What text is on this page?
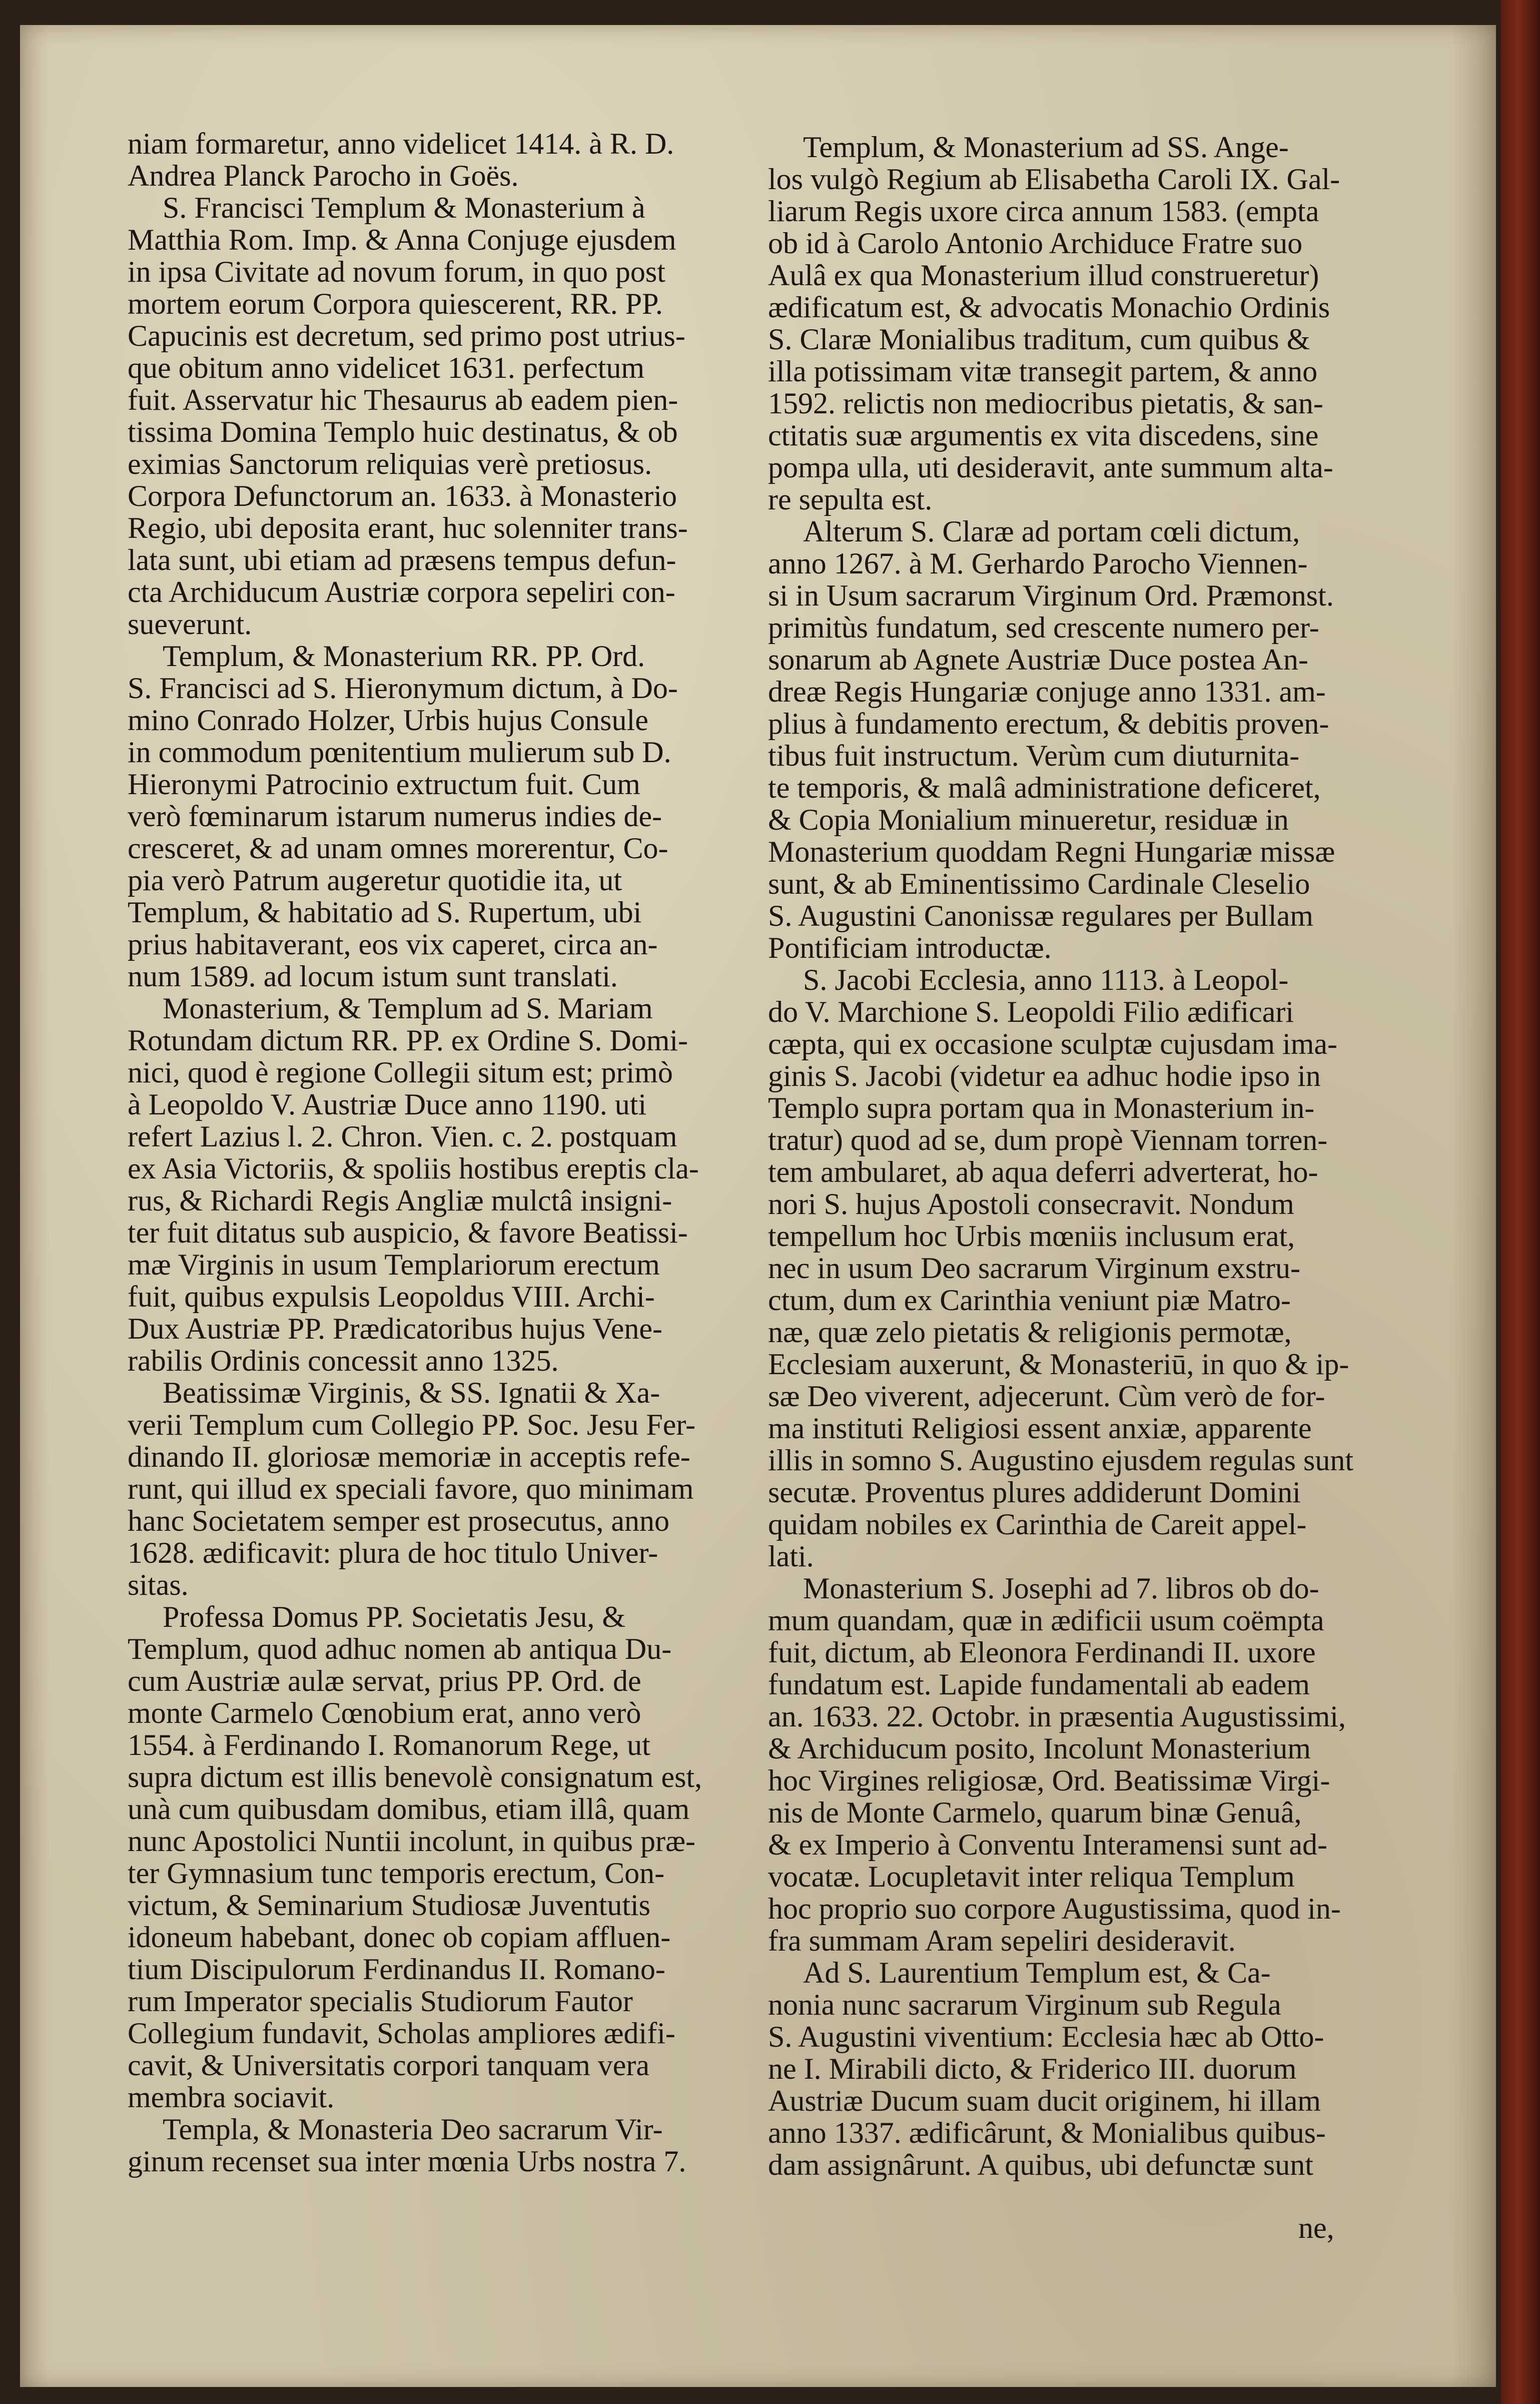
niam formaretur, anno videlicet 1414. à R. D.
Andrea Planck Parocho in Goës.
S. Francisci Templum & Monasterium à
Matthia Rom. Imp. & Anna Conjuge ejusdem
in ipsa Civitate ad novum forum, in quo post
mortem eorum Corpora quiescerent, RR. PP.
Capucinis est decretum, sed primo post utrius-
que obitum anno videlicet 1631. perfectum
fuit. Asservatur hic Thesaurus ab eadem pien-
tissima Domina Templo huic destinatus, & ob
eximias Sanctorum reliquias verè pretiosus.
Corpora Defunctorum an. 1633. à Monasterio
Regio, ubi deposita erant, huc solenniter trans-
lata sunt, ubi etiam ad præsens tempus defun-
cta Archiducum Austriæ corpora sepeliri con-
sueverunt.
Templum, & Monasterium RR. PP. Ord.
S. Francisci ad S. Hieronymum dictum, à Do-
mino Conrado Holzer, Urbis hujus Consule
in commodum pœnitentium mulierum sub D.
Hieronymi Patrocinio extructum fuit. Cum
verò fœminarum istarum numerus indies de-
cresceret, & ad unam omnes morerentur, Co-
pia verò Patrum augeretur quotidie ita, ut
Templum, & habitatio ad S. Rupertum, ubi
prius habitaverant, eos vix caperet, circa an-
num 1589. ad locum istum sunt translati.
Monasterium, & Templum ad S. Mariam
Rotundam dictum RR. PP. ex Ordine S. Domi-
nici, quod è regione Collegii situm est; primò
à Leopoldo V. Austriæ Duce anno 1190. uti
refert Lazius l. 2. Chron. Vien. c. 2. postquam
ex Asia Victoriis, & spoliis hostibus ereptis cla-
rus, & Richardi Regis Angliæ mulctâ insigni-
ter fuit ditatus sub auspicio, & favore Beatissi-
mæ Virginis in usum Templariorum erectum
fuit, quibus expulsis Leopoldus VIII. Archi-
Dux Austriæ PP. Prædicatoribus hujus Vene-
rabilis Ordinis concessit anno 1325.
Beatissimæ Virginis, & SS. Ignatii & Xa-
verii Templum cum Collegio PP. Soc. Jesu Fer-
dinando II. gloriosæ memoriæ in acceptis refe-
runt, qui illud ex speciali favore, quo minimam
hanc Societatem semper est prosecutus, anno
1628. ædificavit: plura de hoc titulo Univer-
sitas.
Professa Domus PP. Societatis Jesu, &
Templum, quod adhuc nomen ab antiqua Du-
cum Austriæ aulæ servat, prius PP. Ord. de
monte Carmelo Cœnobium erat, anno verò
1554. à Ferdinando I. Romanorum Rege, ut
supra dictum est illis benevolè consignatum est,
unà cum quibusdam domibus, etiam illâ, quam
nunc Apostolici Nuntii incolunt, in quibus præ-
ter Gymnasium tunc temporis erectum, Con-
victum, & Seminarium Studiosæ Juventutis
idoneum habebant, donec ob copiam affluen-
tium Discipulorum Ferdinandus II. Romano-
rum Imperator specialis Studiorum Fautor
Collegium fundavit, Scholas ampliores ædifi-
cavit, & Universitatis corpori tanquam vera
membra sociavit.
Templa, & Monasteria Deo sacrarum Vir-
ginum recenset sua inter mœnia Urbs nostra 7.
Templum, & Monasterium ad SS. Ange-
los vulgò Regium ab Elisabetha Caroli IX. Gal-
liarum Regis uxore circa annum 1583. (empta
ob id à Carolo Antonio Archiduce Fratre suo
Aulâ ex qua Monasterium illud construeretur)
ædificatum est, & advocatis Monachio Ordinis
S. Claræ Monialibus traditum, cum quibus &
illa potissimam vitæ transegit partem, & anno
1592. relictis non mediocribus pietatis, & san-
ctitatis suæ argumentis ex vita discedens, sine
pompa ulla, uti desideravit, ante summum alta-
re sepulta est.
Alterum S. Claræ ad portam cœli dictum,
anno 1267. à M. Gerhardo Parocho Viennen-
si in Usum sacrarum Virginum Ord. Præmonst.
primitùs fundatum, sed crescente numero per-
sonarum ab Agnete Austriæ Duce postea An-
dreæ Regis Hungariæ conjuge anno 1331. am-
plius à fundamento erectum, & debitis proven-
tibus fuit instructum. Verùm cum diuturnita-
te temporis, & malâ administratione deficeret,
& Copia Monialium minueretur, residuæ in
Monasterium quoddam Regni Hungariæ missæ
sunt, & ab Eminentissimo Cardinale Cleselio
S. Augustini Canonissæ regulares per Bullam
Pontificiam introductæ.
S. Jacobi Ecclesia, anno 1113. à Leopol-
do V. Marchione S. Leopoldi Filio ædificari
cæpta, qui ex occasione sculptæ cujusdam ima-
ginis S. Jacobi (videtur ea adhuc hodie ipso in
Templo supra portam qua in Monasterium in-
tratur) quod ad se, dum propè Viennam torren-
tem ambularet, ab aqua deferri adverterat, ho-
nori S. hujus Apostoli consecravit. Nondum
tempellum hoc Urbis mœniis inclusum erat,
nec in usum Deo sacrarum Virginum exstru-
ctum, dum ex Carinthia veniunt piæ Matro-
næ, quæ zelo pietatis & religionis permotæ,
Ecclesiam auxerunt, & Monasteriū, in quo & ip-
sæ Deo viverent, adjecerunt. Cùm verò de for-
ma instituti Religiosi essent anxiæ, apparente
illis in somno S. Augustino ejusdem regulas sunt
secutæ. Proventus plures addiderunt Domini
quidam nobiles ex Carinthia de Careit appel-
lati.
Monasterium S. Josephi ad 7. libros ob do-
mum quandam, quæ in ædificii usum coëmpta
fuit, dictum, ab Eleonora Ferdinandi II. uxore
fundatum est. Lapide fundamentali ab eadem
an. 1633. 22. Octobr. in præsentia Augustissimi,
& Archiducum posito, Incolunt Monasterium
hoc Virgines religiosæ, Ord. Beatissimæ Virgi-
nis de Monte Carmelo, quarum binæ Genuâ,
& ex Imperio à Conventu Interamensi sunt ad-
vocatæ. Locupletavit inter reliqua Templum
hoc proprio suo corpore Augustissima, quod in-
fra summam Aram sepeliri desideravit.
Ad S. Laurentium Templum est, & Ca-
nonia nunc sacrarum Virginum sub Regula
S. Augustini viventium: Ecclesia hæc ab Otto-
ne I. Mirabili dicto, & Friderico III. duorum
Austriæ Ducum suam ducit originem, hi illam
anno 1337. ædificârunt, & Monialibus quibus-
dam assignârunt. A quibus, ubi defunctæ sunt
ne,
